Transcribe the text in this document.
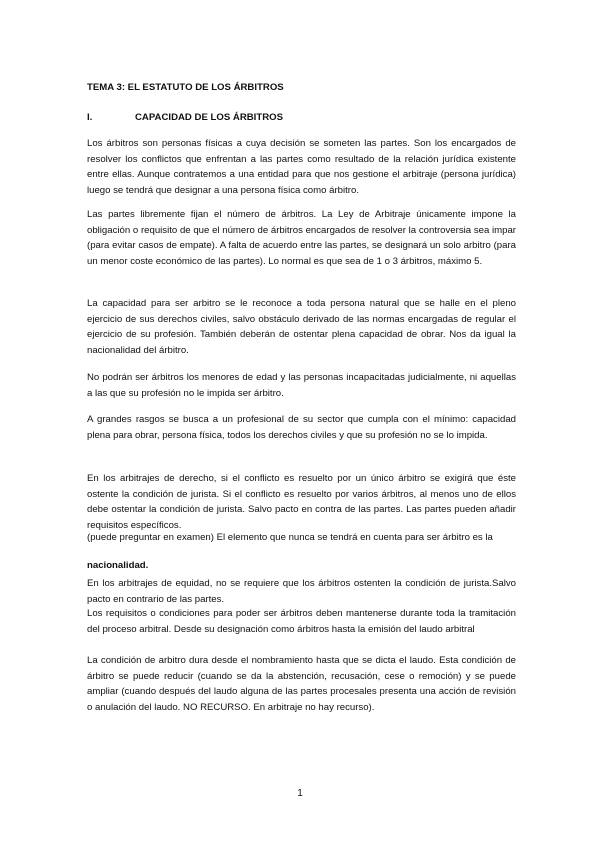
TEMA 3: EL ESTATUTO DE LOS ÁRBITROS
I.	CAPACIDAD DE LOS ÁRBITROS
Los árbitros son personas físicas a cuya decisión se someten las partes. Son los encargados de resolver los conflictos que enfrentan a las partes como resultado de la relación jurídica existente entre ellas. Aunque contratemos a una entidad para que nos gestione el arbitraje (persona jurídica) luego se tendrá que designar a una persona física como árbitro.
Las partes libremente fijan el número de árbitros. La Ley de Arbitraje únicamente impone la obligación o requisito de que el número de árbitros encargados de resolver la controversia sea impar (para evitar casos de empate). A falta de acuerdo entre las partes, se designará un solo arbitro (para un menor coste económico de las partes). Lo normal es que sea de 1 o 3 árbitros, máximo 5.
La capacidad para ser arbitro se le reconoce a toda persona natural que se halle en el pleno ejercicio de sus derechos civiles, salvo obstáculo derivado de las normas encargadas de regular el ejercicio de su profesión. También deberán de ostentar plena capacidad de obrar. Nos da igual la nacionalidad del árbitro.
No podrán ser árbitros los menores de edad y las personas incapacitadas judicialmente, ni aquellas a las que su profesión no le impida ser árbitro.
A grandes rasgos se busca a un profesional de su sector que cumpla con el mínimo: capacidad plena para obrar, persona física, todos los derechos civiles y que su profesión no se lo impida.
En los arbitrajes de derecho, si el conflicto es resuelto por un único árbitro se exigirá que éste ostente la condición de jurista. Si el conflicto es resuelto por varios árbitros, al menos uno de ellos debe ostentar la condición de jurista. Salvo pacto en contra de las partes. Las partes pueden añadir requisitos específicos.
(puede preguntar en examen) El elemento que nunca se tendrá en cuenta para ser árbitro es la
nacionalidad.
En los arbitrajes de equidad, no se requiere que los árbitros ostenten la condición de jurista.Salvo pacto en contrario de las partes.
Los requisitos o condiciones para poder ser árbitros deben mantenerse durante toda la tramitación del proceso arbitral. Desde su designación como árbitros hasta la emisión del laudo arbitral
La condición de arbitro dura desde el nombramiento hasta que se dicta el laudo. Esta condición de árbitro se puede reducir (cuando se da la abstención, recusación, cese o remoción) y se puede ampliar (cuando después del laudo alguna de las partes procesales presenta una acción de revisión o anulación del laudo. NO RECURSO. En arbitraje no hay recurso).
1
